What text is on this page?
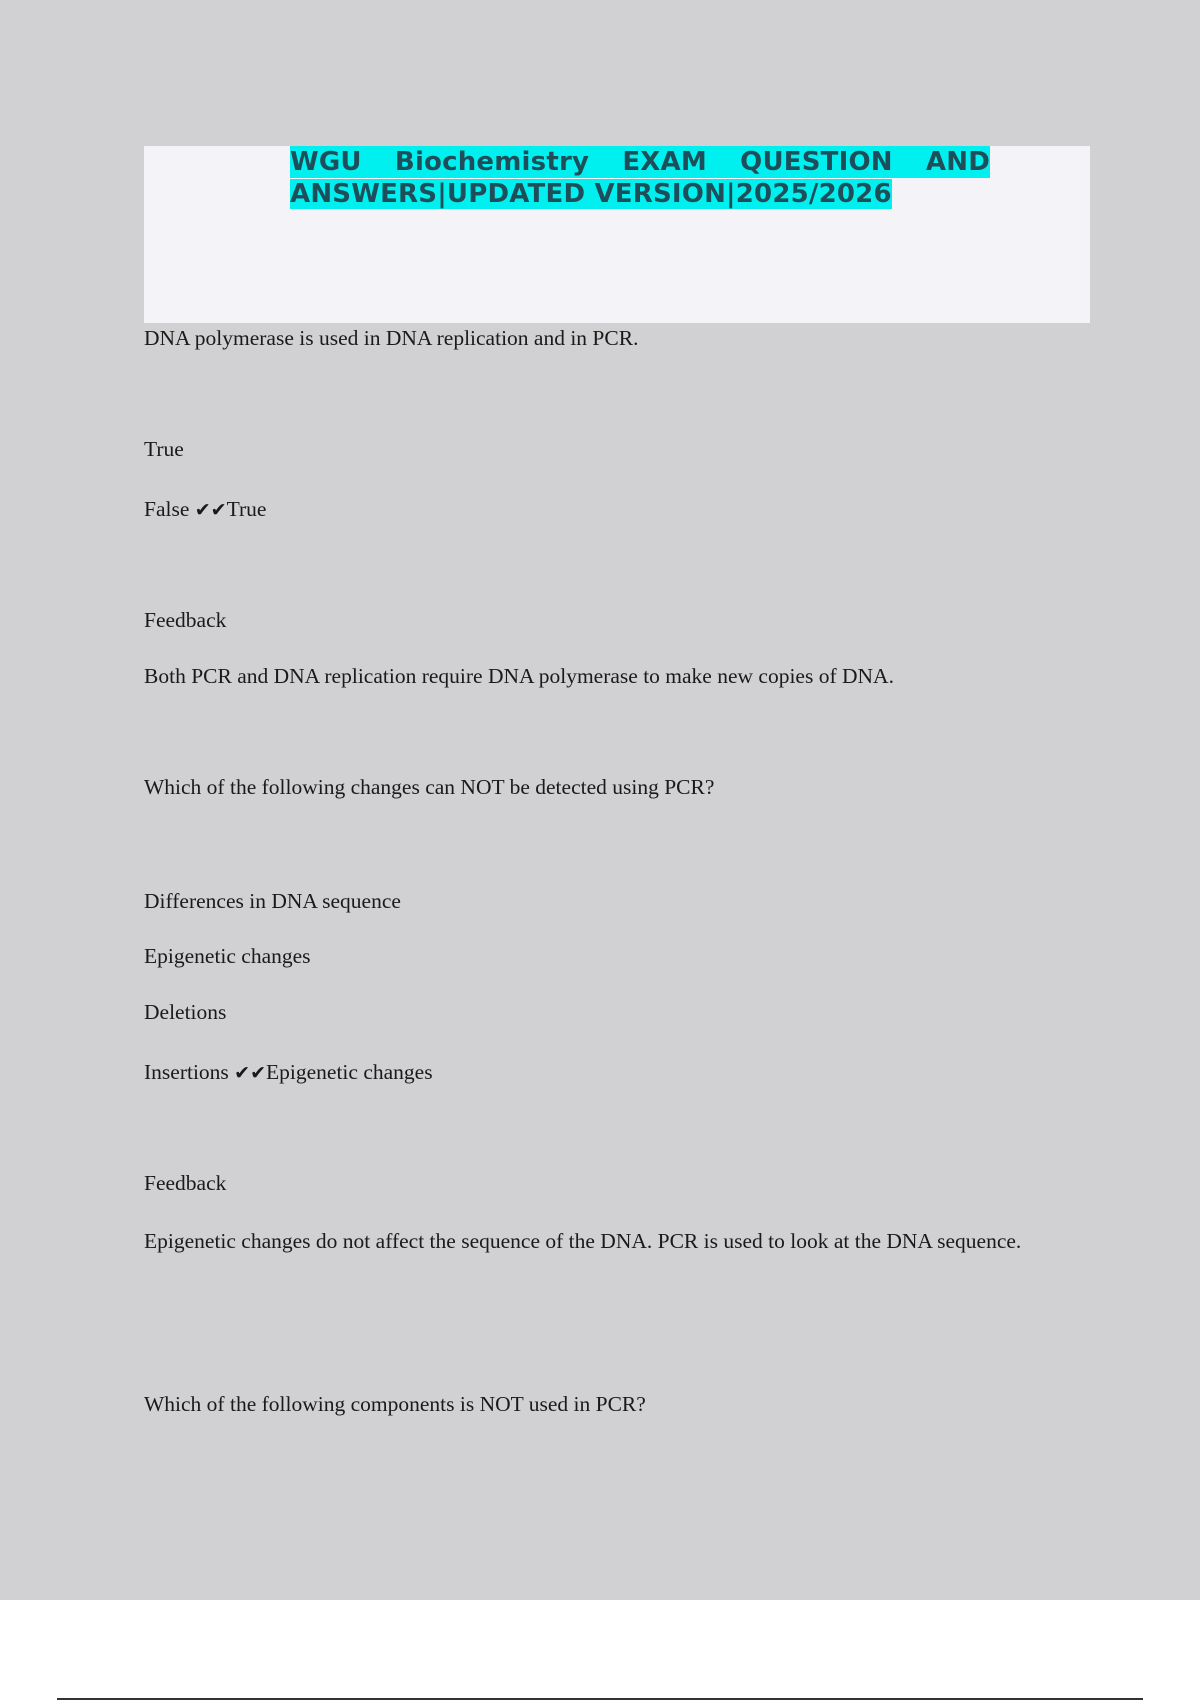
WGU Biochemistry EXAM QUESTION AND
ANSWERS|UPDATED VERSION|2025/2026
DNA polymerase is used in DNA replication and in PCR.
True
False ✔✔True
Feedback
Both PCR and DNA replication require DNA polymerase to make new copies of DNA.
Which of the following changes can NOT be detected using PCR?
Differences in DNA sequence
Epigenetic changes
Deletions
Insertions ✔✔Epigenetic changes
Feedback
Epigenetic changes do not affect the sequence of the DNA. PCR is used to look at the DNA sequence.
Which of the following components is NOT used in PCR?
